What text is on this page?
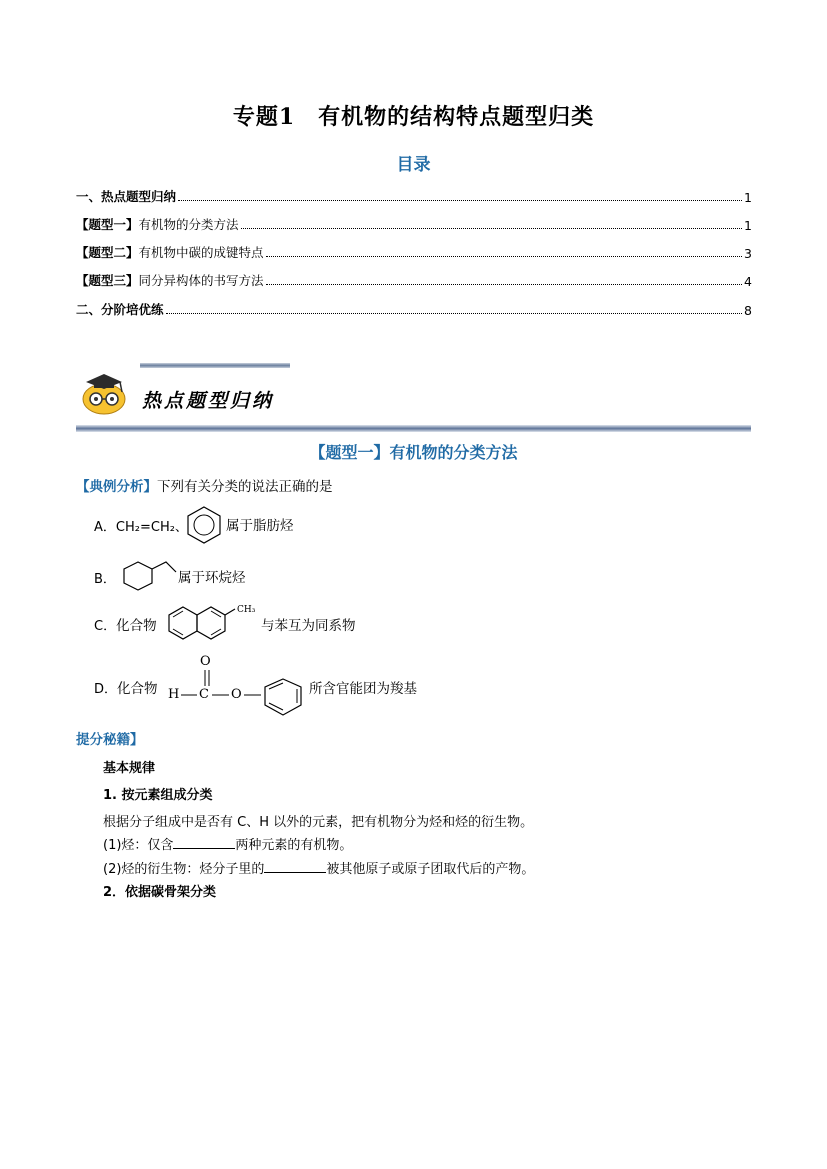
专题1　有机物的结构特点题型归类
目录
一、热点题型归纳	1
【题型一】有机物的分类方法	1
【题型二】有机物中碳的成键特点	3
【题型三】同分异构体的书写方法	4
二、分阶培优练	8
热点题型归纳
【题型一】有机物的分类方法
【典例分析】下列有关分类的说法正确的是
A．CH₂=CH₂、	属于脂肪烃
B．	属于环烷烃
C．化合物
CH₃
与苯互为同系物
D．化合物
O
H C O	所含官能团为羧基
提分秘籍】
基本规律
1. 按元素组成分类
根据分子组成中是否有 C、H 以外的元素，把有机物分为烃和烃的衍生物。
(1)烃：仅含	两种元素的有机物。
(2)烃的衍生物：烃分子里的	被其他原子或原子团取代后的产物。
2．依据碳骨架分类
